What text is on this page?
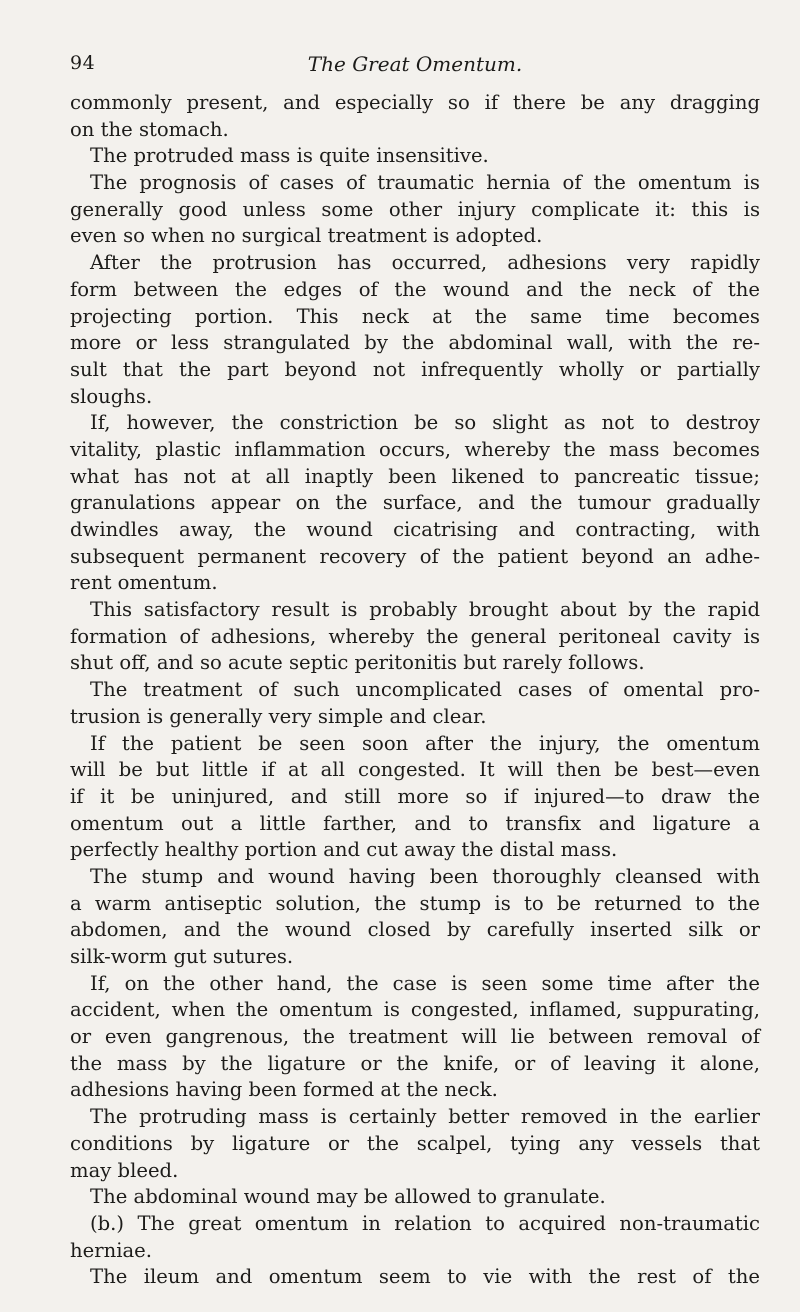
94	The Great Omentum.
commonly present, and especially so if there be any dragging
on the stomach.
The protruded mass is quite insensitive.
The prognosis of cases of traumatic hernia of the omentum is
generally good unless some other injury complicate it: this is
even so when no surgical treatment is adopted.
After the protrusion has occurred, adhesions very rapidly
form between the edges of the wound and the neck of the
projecting portion. This neck at the same time becomes
more or less strangulated by the abdominal wall, with the re-
sult that the part beyond not infrequently wholly or partially
sloughs.
If, however, the constriction be so slight as not to destroy
vitality, plastic inflammation occurs, whereby the mass becomes
what has not at all inaptly been likened to pancreatic tissue;
granulations appear on the surface, and the tumour gradually
dwindles away, the wound cicatrising and contracting, with
subsequent permanent recovery of the patient beyond an adhe-
rent omentum.
This satisfactory result is probably brought about by the rapid
formation of adhesions, whereby the general peritoneal cavity is
shut off, and so acute septic peritonitis but rarely follows.
The treatment of such uncomplicated cases of omental pro-
trusion is generally very simple and clear.
If the patient be seen soon after the injury, the omentum
will be but little if at all congested. It will then be best—even
if it be uninjured, and still more so if injured—to draw the
omentum out a little farther, and to transfix and ligature a
perfectly healthy portion and cut away the distal mass.
The stump and wound having been thoroughly cleansed with
a warm antiseptic solution, the stump is to be returned to the
abdomen, and the wound closed by carefully inserted silk or
silk-worm gut sutures.
If, on the other hand, the case is seen some time after the
accident, when the omentum is congested, inflamed, suppurating,
or even gangrenous, the treatment will lie between removal of
the mass by the ligature or the knife, or of leaving it alone,
adhesions having been formed at the neck.
The protruding mass is certainly better removed in the earlier
conditions by ligature or the scalpel, tying any vessels that
may bleed.
The abdominal wound may be allowed to granulate.
(b.) The great omentum in relation to acquired non-traumatic
herniae.
The ileum and omentum seem to vie with the rest of the
